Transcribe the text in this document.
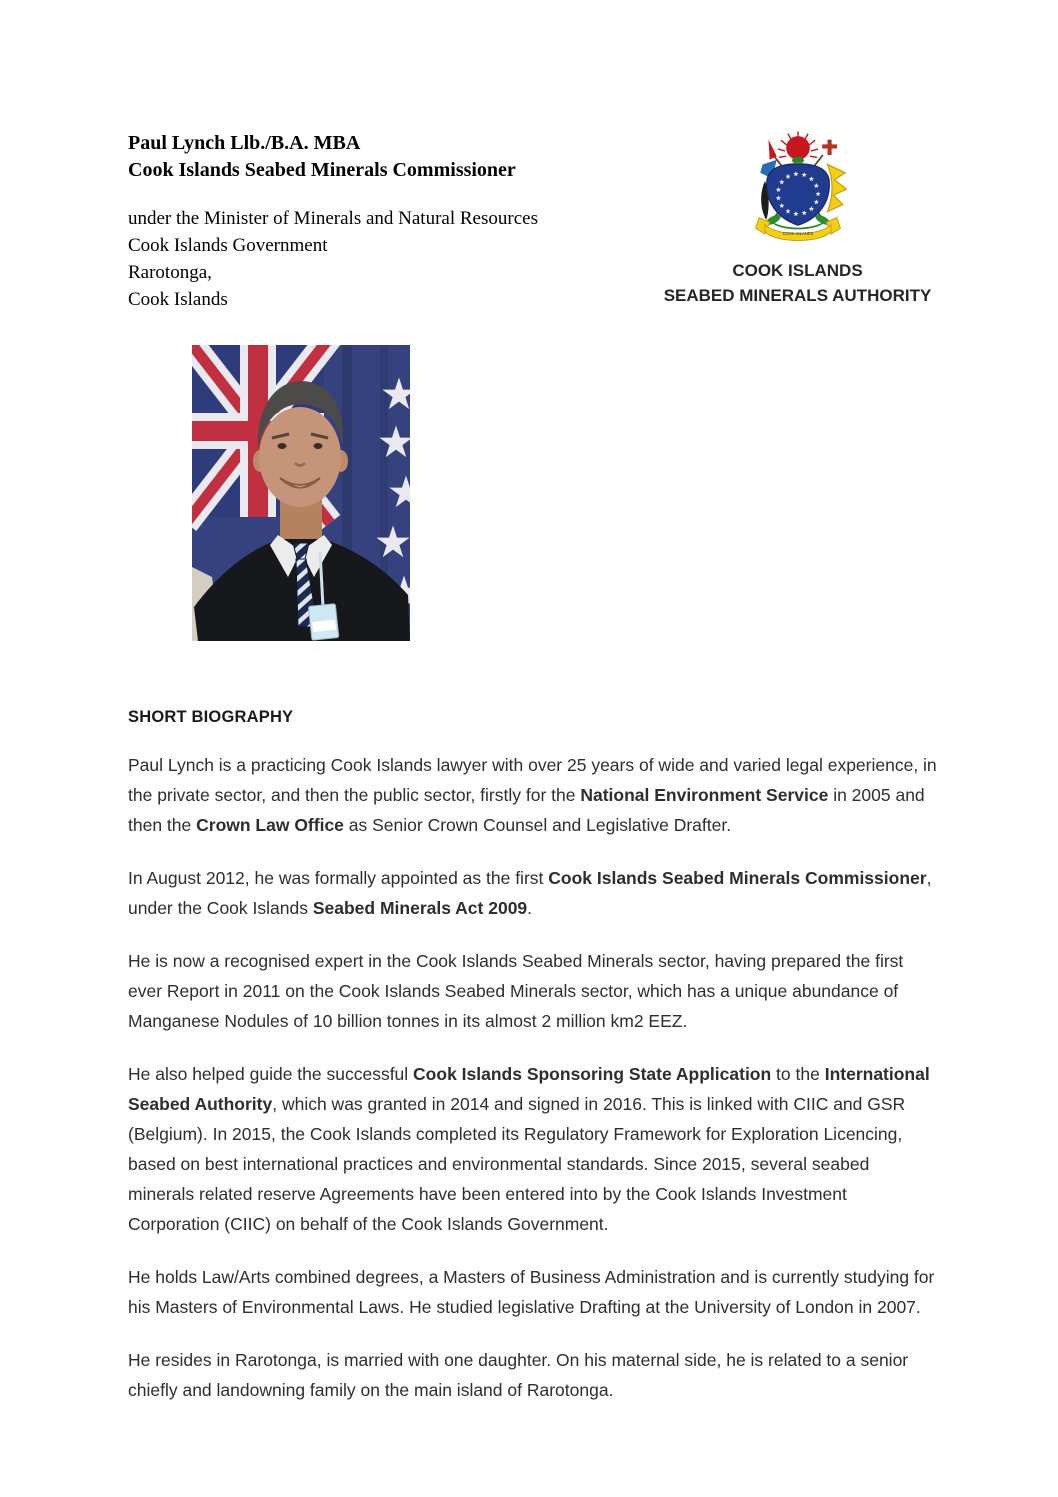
Paul Lynch Llb./B.A. MBA
Cook Islands Seabed Minerals Commissioner
under the Minister of Minerals and Natural Resources
Cook Islands Government
Rarotonga,
Cook Islands
COOK ISLANDS
COOK ISLANDS
SEABED MINERALS AUTHORITY
SHORT BIOGRAPHY

Paul Lynch is a practicing Cook Islands lawyer with over 25 years of wide and varied legal experience, in the private sector, and then the public sector, firstly for the National Environment Service in 2005 and then the Crown Law Office as Senior Crown Counsel and Legislative Drafter.

In August 2012, he was formally appointed as the first Cook Islands Seabed Minerals Commissioner, under the Cook Islands Seabed Minerals Act 2009.

He is now a recognised expert in the Cook Islands Seabed Minerals sector, having prepared the first ever Report in 2011 on the Cook Islands Seabed Minerals sector, which has a unique abundance of Manganese Nodules of 10 billion tonnes in its almost 2 million km2 EEZ.

He also helped guide the successful Cook Islands Sponsoring State Application to the International Seabed Authority, which was granted in 2014 and signed in 2016. This is linked with CIIC and GSR (Belgium). In 2015, the Cook Islands completed its Regulatory Framework for Exploration Licencing, based on best international practices and environmental standards. Since 2015, several seabed minerals related reserve Agreements have been entered into by the Cook Islands Investment Corporation (CIIC) on behalf of the Cook Islands Government.

He holds Law/Arts combined degrees, a Masters of Business Administration and is currently studying for his Masters of Environmental Laws. He studied legislative Drafting at the University of London in 2007.

He resides in Rarotonga, is married with one daughter. On his maternal side, he is related to a senior chiefly and landowning family on the main island of Rarotonga.
